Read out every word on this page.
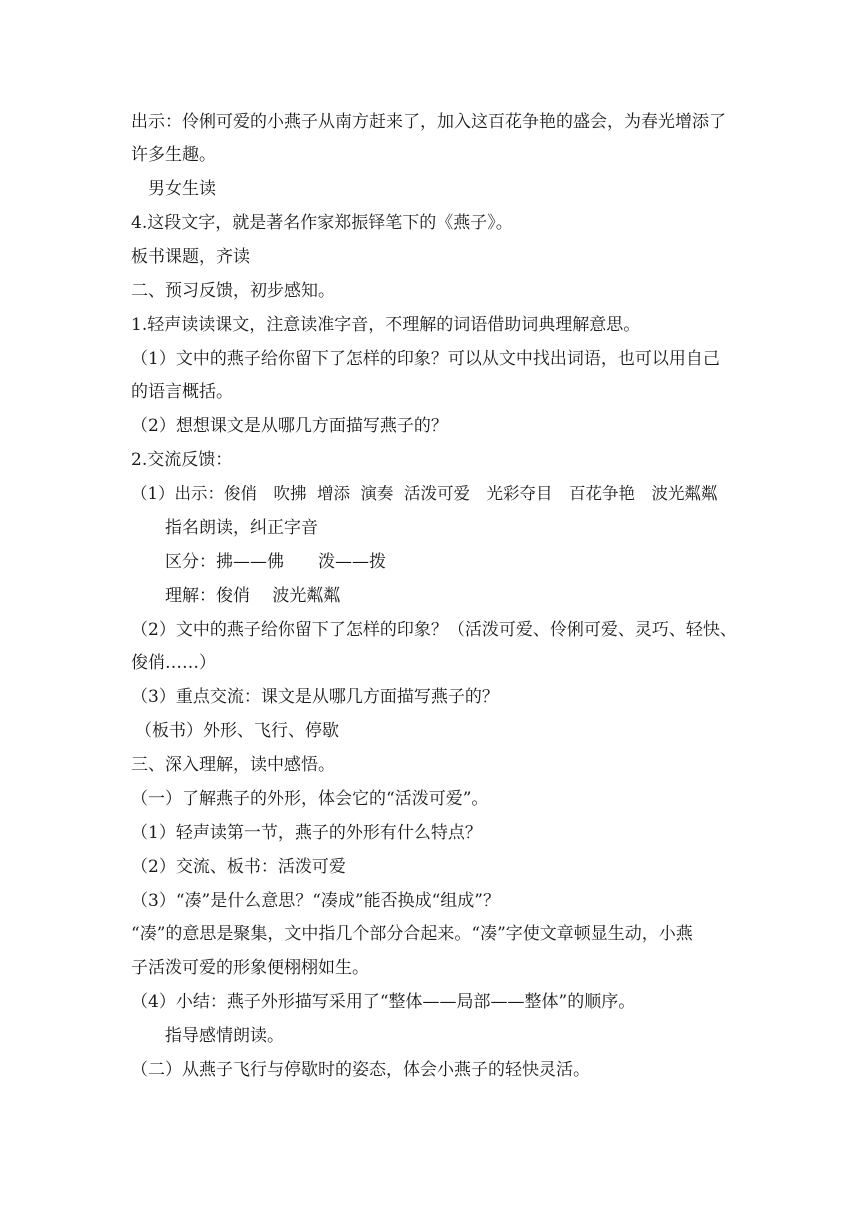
出示：伶俐可爱的小燕子从南方赶来了，加入这百花争艳的盛会，为春光增添了

许多生趣。

男女生读

4.这段文字，就是著名作家郑振铎笔下的《燕子》。

板书课题，齐读

二、预习反馈，初步感知。

1.轻声读读课文，注意读准字音，不理解的词语借助词典理解意思。

（1）文中的燕子给你留下了怎样的印象？可以从文中找出词语，也可以用自己

的语言概括。

（2）想想课文是从哪几方面描写燕子的？

2.交流反馈：

（1）出示：俊俏　吹拂  增添  演奏  活泼可爱　光彩夺目　百花争艳　波光粼粼

指名朗读，纠正字音

区分：拂——佛　　泼——拨

理解：俊俏　 波光粼粼

（2）文中的燕子给你留下了怎样的印象？（活泼可爱、伶俐可爱、灵巧、轻快、

俊俏……）

（3）重点交流：课文是从哪几方面描写燕子的？

（板书）外形、飞行、停歇

三、深入理解，读中感悟。

（一）了解燕子的外形，体会它的“活泼可爱”。

（1）轻声读第一节，燕子的外形有什么特点？

（2）交流、板书：活泼可爱

（3）“凑”是什么意思？“凑成”能否换成“组成”？

“凑”的意思是聚集，文中指几个部分合起来。“凑”字使文章顿显生动，小燕

子活泼可爱的形象便栩栩如生。

（4）小结：燕子外形描写采用了“整体——局部——整体”的顺序。

指导感情朗读。

（二）从燕子飞行与停歇时的姿态，体会小燕子的轻快灵活。
